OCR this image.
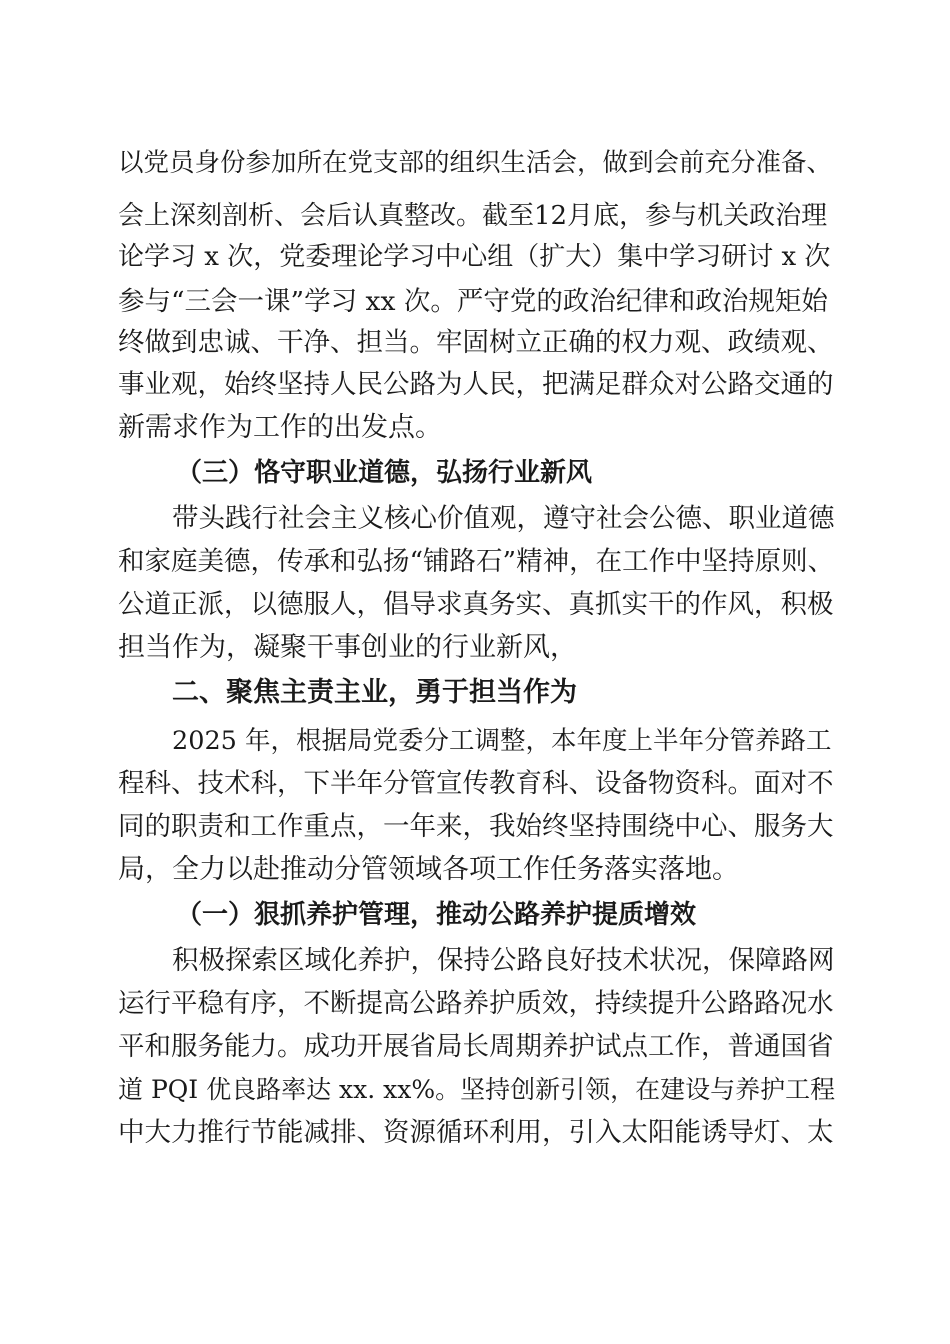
以党员身份参加所在党支部的组织生活会，做到会前充分准备、
会上深刻剖析、会后认真整改。截至12月底，参与机关政治理
论学习 x 次，党委理论学习中心组（扩大）集中学习研讨 x 次
参与“三会一课”学习 xx 次。严守党的政治纪律和政治规矩始
终做到忠诚、干净、担当。牢固树立正确的权力观、政绩观、
事业观，始终坚持人民公路为人民，把满足群众对公路交通的
新需求作为工作的出发点。
（三）恪守职业道德，弘扬行业新风
带头践行社会主义核心价值观，遵守社会公德、职业道德
和家庭美德，传承和弘扬“铺路石”精神，在工作中坚持原则、
公道正派，以德服人，倡导求真务实、真抓实干的作风，积极
担当作为，凝聚干事创业的行业新风，
二、聚焦主责主业，勇于担当作为
2025 年，根据局党委分工调整，本年度上半年分管养路工
程科、技术科，下半年分管宣传教育科、设备物资科。面对不
同的职责和工作重点，一年来，我始终坚持围绕中心、服务大
局，全力以赴推动分管领域各项工作任务落实落地。
（一）狠抓养护管理，推动公路养护提质增效
积极探索区域化养护，保持公路良好技术状况，保障路网
运行平稳有序，不断提高公路养护质效，持续提升公路路况水
平和服务能力。成功开展省局长周期养护试点工作，普通国省
道 PQI 优良路率达 xx. xx%。坚持创新引领，在建设与养护工程
中大力推行节能减排、资源循环利用，引入太阳能诱导灯、太
